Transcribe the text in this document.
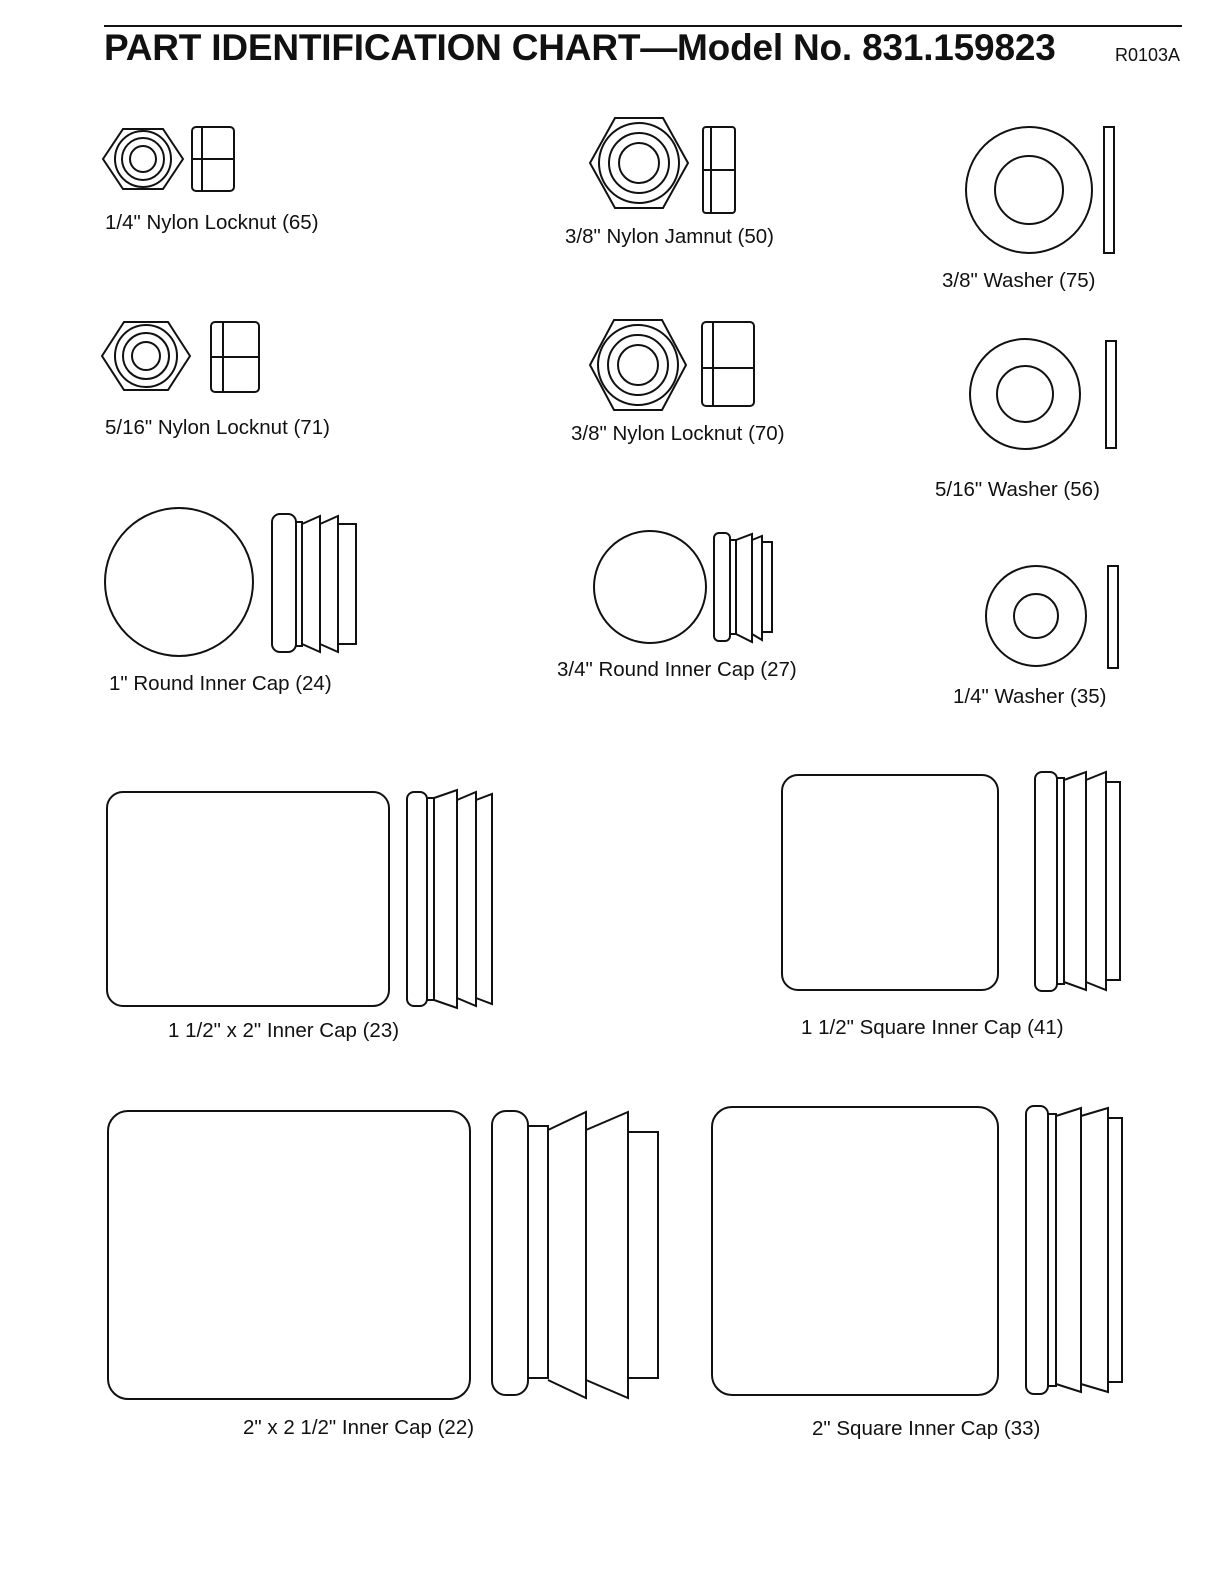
PART IDENTIFICATION CHART—Model No. 831.159823	R0103A
1/4" Nylon Locknut (65)
3/8" Nylon Jamnut (50)
3/8" Washer (75)
5/16" Nylon Locknut (71)	3/8" Nylon Locknut (70)
5/16" Washer (56)
1" Round Inner Cap (24)
3/4" Round Inner Cap (27)
1/4" Washer (35)
1 1/2" x 2" Inner Cap (23)	1 1/2" Square Inner Cap (41)
2" x 2 1/2" Inner Cap (22)	2" Square Inner Cap (33)
